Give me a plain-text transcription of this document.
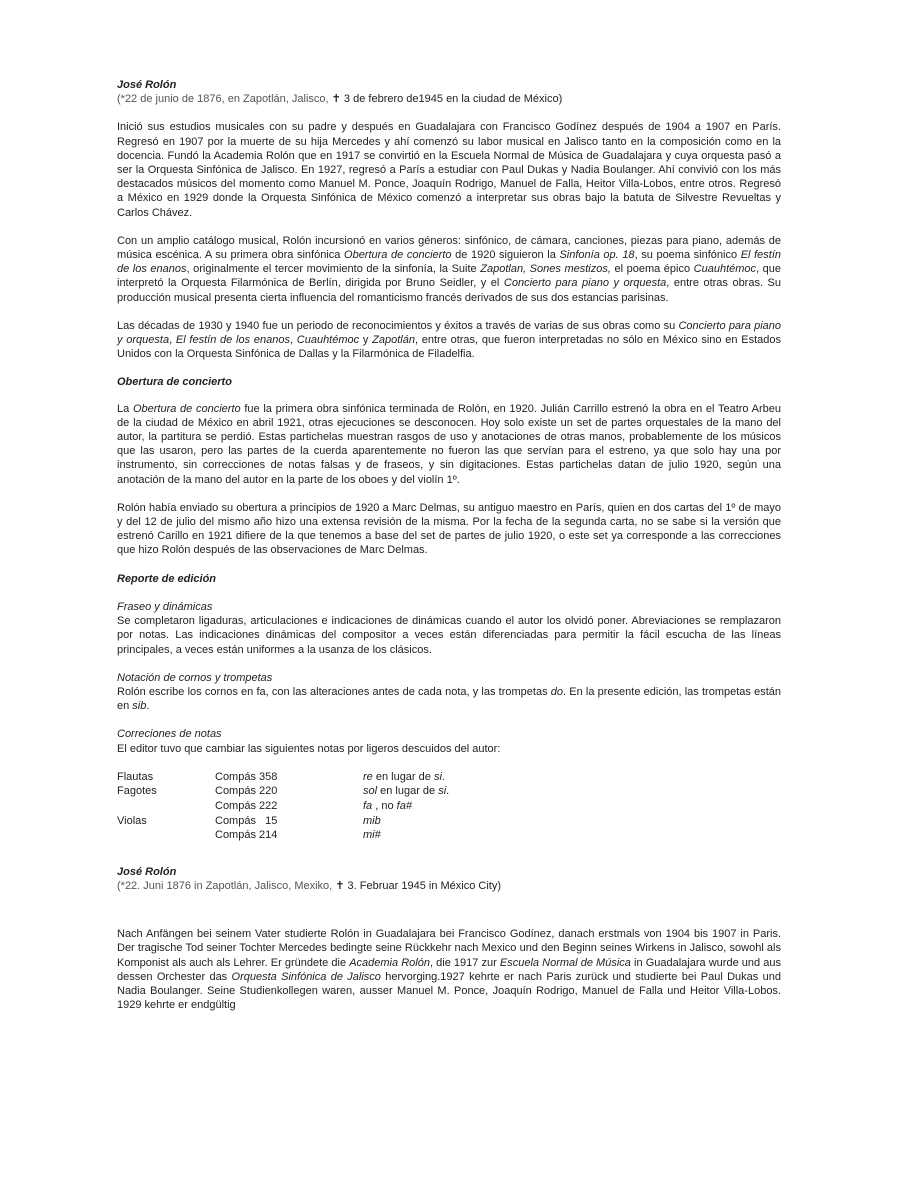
José Rolón

(*22 de junio de 1876, en Zapotlán, Jalisco, ✝ 3 de febrero de1945 en la ciudad de México)

Inició sus estudios musicales con su padre y después en Guadalajara con Francisco Godínez después de 1904 a 1907 en París. Regresó en 1907 por la muerte de su hija Mercedes y ahí comenzó su labor musical en Jalisco tanto en la composición como en la docencia. Fundó la Academia Rolón que en 1917 se convirtió en la Escuela Normal de Música de Guadalajara y cuya orquesta pasó a ser la Orquesta Sinfónica de Jalisco. En 1927, regresó a París a estudiar con Paul Dukas y Nadia Boulanger. Ahí convivió con los más destacados músicos del momento como Manuel M. Ponce, Joaquín Rodrigo, Manuel de Falla, Heitor Villa-Lobos, entre otros. Regresó a México en 1929 donde la Orquesta Sinfónica de México comenzó a interpretar sus obras bajo la batuta de Silvestre Revueltas y Carlos Chávez.

Con un amplio catálogo musical, Rolón incursionó en varios géneros: sinfónico, de cámara, canciones, piezas para piano, además de música escénica. A su primera obra sinfónica Obertura de concierto de 1920 siguieron la Sinfonía op. 18, su poema sinfónico El festín de los enanos, originalmente el tercer movimiento de la sinfonía, la Suite Zapotlan, Sones mestizos, el poema épico Cuauhtémoc, que interpretó la Orquesta Filarmónica de Berlín, dirigida por Bruno Seidler, y el Concierto para piano y orquesta, entre otras obras. Su producción musical presenta cierta influencia del romanticismo francés derivados de sus dos estancias parisinas.

Las décadas de 1930 y 1940 fue un periodo de reconocimientos y éxitos a través de varias de sus obras como su Concierto para piano y orquesta, El festín de los enanos, Cuauhtémoc y Zapotlán, entre otras, que fueron interpretadas no sólo en México sino en Estados Unidos con la Orquesta Sinfónica de Dallas y la Filarmónica de Filadelfia.

Obertura de concierto

La Obertura de concierto fue la primera obra sinfónica terminada de Rolón, en 1920. Julián Carrillo estrenó la obra en el Teatro Arbeu de la ciudad de México en abril 1921, otras ejecuciones se desconocen. Hoy solo existe un set de partes orquestales de la mano del autor, la partitura se perdió. Estas partichelas muestran rasgos de uso y anotaciones de otras manos, probablemente de los músicos que las usaron, pero las partes de la cuerda aparentemente no fueron las que servían para el estreno, ya que solo hay una por instrumento, sin correcciones de notas falsas y de fraseos, y sin digitaciones. Estas partichelas datan de julio 1920, según una anotación de la mano del autor en la parte de los oboes y del violín 1º.

Rolón había enviado su obertura a principios de 1920 a Marc Delmas, su antiguo maestro en París, quien en dos cartas del 1º de mayo y del 12 de julio del mismo año hizo una extensa revisión de la misma. Por la fecha de la segunda carta, no se sabe si la versión que estrenó Carillo en 1921 difiere de la que tenemos a base del set de partes de julio 1920, o este set ya corresponde a las correcciones que hizo Rolón después de las observaciones de Marc Delmas.

Reporte de edición

Fraseo y dinámicas

Se completaron ligaduras, articulaciones e indicaciones de dinámicas cuando el autor los olvidó poner. Abreviaciones se remplazaron por notas. Las indicaciones dinámicas del compositor a veces están diferenciadas para permitir la fácil escucha de las líneas principales, a veces están uniformes a la usanza de los clásicos.

Notación de cornos y trompetas

Rolón escribe los cornos en fa, con las alteraciones antes de cada nota, y las trompetas do. En la presente edición, las trompetas están en sib.

Correciones de notas

El editor tuvo que cambiar las siguientes notas por ligeros descuidos del autor:

Flautas	Compás 358	re en lugar de si.
Fagotes	Compás 220	sol en lugar de si.
	Compás 222	fa , no fa#
Violas	Compás   15	mib
	Compás 214	mi#

José Rolón

(*22. Juni 1876 in Zapotlán, Jalisco, Mexiko, ✝ 3. Februar 1945 in México City)

Nach Anfängen bei seinem Vater studierte Rolón in Guadalajara bei Francisco Godínez, danach erstmals von 1904 bis 1907 in Paris. Der tragische Tod seiner Tochter Mercedes bedingte seine Rückkehr nach Mexico und den Beginn seines Wirkens in Jalisco, sowohl als Komponist als auch als Lehrer. Er gründete die Academia Rolón, die 1917 zur Escuela Normal de Música in Guadalajara wurde und aus dessen Orchester das Orquesta Sinfónica de Jalisco hervorging.1927 kehrte er nach Paris zurück und studierte bei Paul Dukas und Nadia Boulanger. Seine Studienkollegen waren, ausser Manuel M. Ponce, Joaquín Rodrigo, Manuel de Falla und Heitor Villa-Lobos. 1929 kehrte er endgültig
